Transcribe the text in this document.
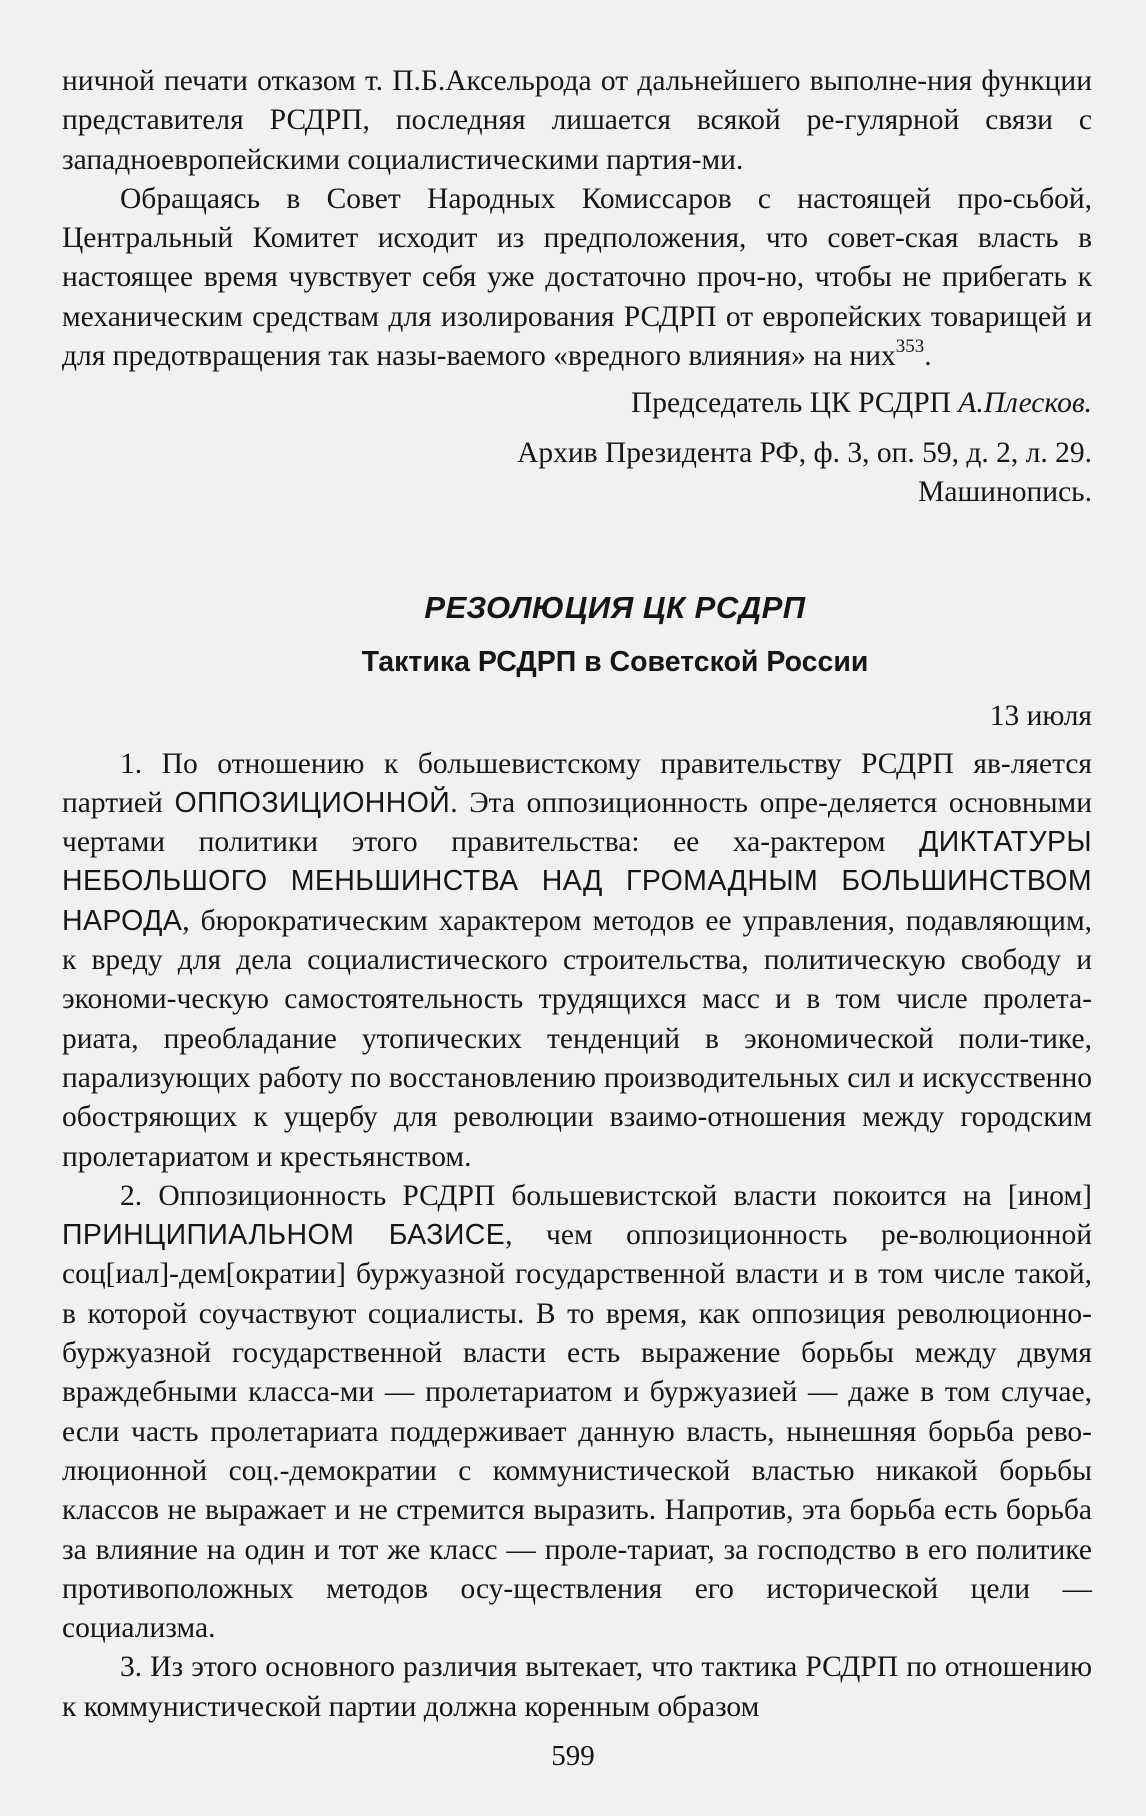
ничной печати отказом т. П.Б.Аксельрода от дальнейшего выполне-ния функции представителя РСДРП, последняя лишается всякой ре-гулярной связи с западноевропейскими социалистическими партия-ми.

Обращаясь в Совет Народных Комиссаров с настоящей про-сьбой, Центральный Комитет исходит из предположения, что совет-ская власть в настоящее время чувствует себя уже достаточно проч-но, чтобы не прибегать к механическим средствам для изолирования РСДРП от европейских товарищей и для предотвращения так назы-ваемого «вредного влияния» на них$^{353}$.

Председатель ЦК РСДРП А.Плесков.

Архив Президента РФ, ф. 3, оп. 59, д. 2, л. 29.

Машинопись.

РЕЗОЛЮЦИЯ ЦК РСДРП
Тактика РСДРП в Советской России

13 июля

1. По отношению к большевистскому правительству РСДРП яв-ляется партией ОППОЗИЦИОННОЙ. Эта оппозиционность опре-деляется основными чертами политики этого правительства: ее ха-рактером ДИКТАТУРЫ НЕБОЛЬШОГО МЕНЬШИНСТВА НАД ГРОМАДНЫМ БОЛЬШИНСТВОМ НАРОДА, бюрократическим характером методов ее управления, подавляющим, к вреду для дела социалистического строительства, политическую свободу и экономи-ческую самостоятельность трудящихся масс и в том числе пролета-риата, преобладание утопических тенденций в экономической поли-тике, парализующих работу по восстановлению производительных сил и искусственно обостряющих к ущербу для революции взаимо-отношения между городским пролетариатом и крестьянством.

2. Оппозиционность РСДРП большевистской власти покоится на [ином] ПРИНЦИПИАЛЬНОМ БАЗИСЕ, чем оппозиционность ре-волюционной соц[иал]-дем[ократии] буржуазной государственной власти и в том числе такой, в которой соучаствуют социалисты. В то время, как оппозиция революционно-буржуазной государственной власти есть выражение борьбы между двумя враждебными класса-ми — пролетариатом и буржуазией — даже в том случае, если часть пролетариата поддерживает данную власть, нынешняя борьба рево-люционной соц.-демократии с коммунистической властью никакой борьбы классов не выражает и не стремится выразить. Напротив, эта борьба есть борьба за влияние на один и тот же класс — проле-тариат, за господство в его политике противоположных методов осу-ществления его исторической цели — социализма.

3. Из этого основного различия вытекает, что тактика РСДРП по отношению к коммунистической партии должна коренным образом

599
